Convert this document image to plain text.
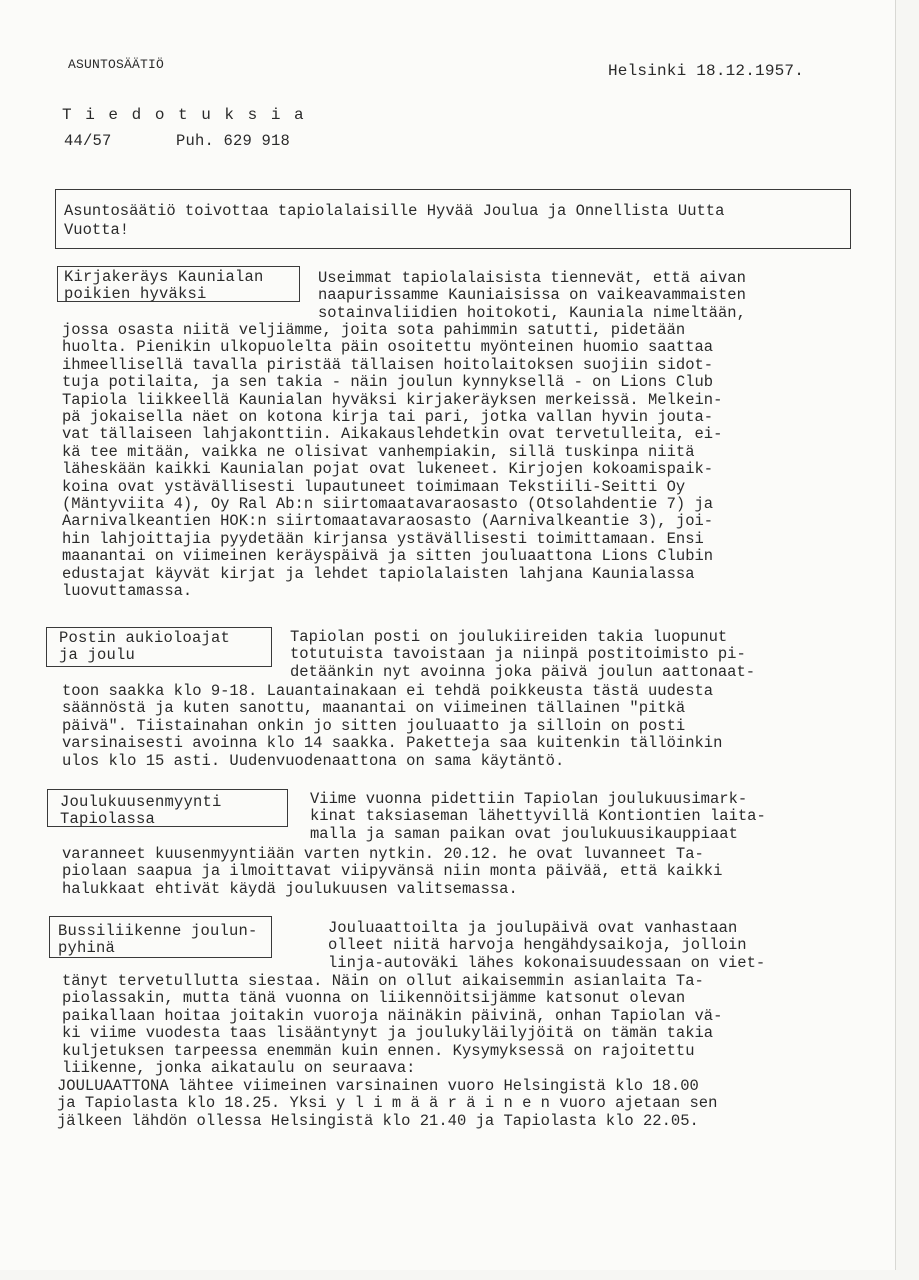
ASUNTOSÄÄTIÖ	Helsinki 18.12.1957.
T i e d o t u k s i a
44/57	Puh. 629 918
Asuntosäätiö toivottaa tapiolalaisille Hyvää Joulua ja Onnellista Uutta
Vuotta!
Kirjakeräys Kaunialan
poikien hyväksi
Useimmat tapiolalaisista tiennevät, että aivan
naapurissamme Kauniaisissa on vaikeavammaisten
sotainvaliidien hoitokoti, Kauniala nimeltään,
jossa osasta niitä veljiämme, joita sota pahimmin satutti, pidetään
huolta. Pienikin ulkopuolelta päin osoitettu myönteinen huomio saattaa
ihmeellisellä tavalla piristää tällaisen hoitolaitoksen suojiin sidot-
tuja potilaita, ja sen takia - näin joulun kynnyksellä - on Lions Club
Tapiola liikkeellä Kaunialan hyväksi kirjakeräyksen merkeissä. Melkein-
pä jokaisella näet on kotona kirja tai pari, jotka vallan hyvin jouta-
vat tällaiseen lahjakonttiin. Aikakauslehdetkin ovat tervetulleita, ei-
kä tee mitään, vaikka ne olisivat vanhempiakin, sillä tuskinpa niitä
läheskään kaikki Kaunialan pojat ovat lukeneet. Kirjojen kokoamispaik-
koina ovat ystävällisesti lupautuneet toimimaan Tekstiili-Seitti Oy
(Mäntyviita 4), Oy Ral Ab:n siirtomaatavaraosasto (Otsolahdentie 7) ja
Aarnivalkeantien HOK:n siirtomaatavaraosasto (Aarnivalkeantie 3), joi-
hin lahjoittajia pyydetään kirjansa ystävällisesti toimittamaan. Ensi
maanantai on viimeinen keräyspäivä ja sitten jouluaattona Lions Clubin
edustajat käyvät kirjat ja lehdet tapiolalaisten lahjana Kaunialassa
luovuttamassa.
Postin aukioloajat
ja joulu
Tapiolan posti on joulukiireiden takia luopunut
totutuista tavoistaan ja niinpä postitoimisto pi-
detäänkin nyt avoinna joka päivä joulun aattonaat-
toon saakka klo 9-18. Lauantainakaan ei tehdä poikkeusta tästä uudesta
säännöstä ja kuten sanottu, maanantai on viimeinen tällainen "pitkä
päivä". Tiistainahan onkin jo sitten jouluaatto ja silloin on posti
varsinaisesti avoinna klo 14 saakka. Paketteja saa kuitenkin tällöinkin
ulos klo 15 asti. Uudenvuodenaattona on sama käytäntö.
Joulukuusenmyynti
Tapiolassa
Viime vuonna pidettiin Tapiolan joulukuusimark-
kinat taksiaseman lähettyvillä Kontiontien laita-
malla ja saman paikan ovat joulukuusikauppiaat
varanneet kuusenmyyntiään varten nytkin. 20.12. he ovat luvanneet Ta-
piolaan saapua ja ilmoittavat viipyvänsä niin monta päivää, että kaikki
halukkaat ehtivät käydä joulukuusen valitsemassa.
Bussiliikenne joulun-
pyhinä
Jouluaattoilta ja joulupäivä ovat vanhastaan
olleet niitä harvoja hengähdysaikoja, jolloin
linja-autoväki lähes kokonaisuudessaan on viet-
tänyt tervetullutta siestaa. Näin on ollut aikaisemmin asianlaita Ta-
piolassakin, mutta tänä vuonna on liikennöitsijämme katsonut olevan
paikallaan hoitaa joitakin vuoroja näinäkin päivinä, onhan Tapiolan vä-
ki viime vuodesta taas lisääntynyt ja joulukyläilyjöitä on tämän takia
kuljetuksen tarpeessa enemmän kuin ennen. Kysymyksessä on rajoitettu
liikenne, jonka aikataulu on seuraava:
JOULUAATTONA lähtee viimeinen varsinainen vuoro Helsingistä klo 18.00
ja Tapiolasta klo 18.25. Yksi y l i m ä ä r ä i n e n vuoro ajetaan sen
jälkeen lähdön ollessa Helsingistä klo 21.40 ja Tapiolasta klo 22.05.
